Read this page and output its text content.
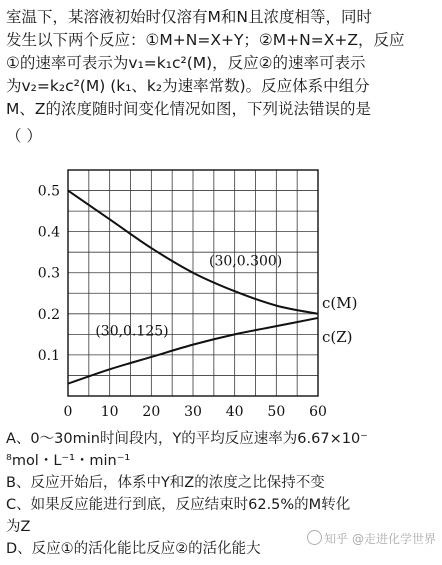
室温下，某溶液初始时仅溶有M和N且浓度相等，同时
发生以下两个反应：①M+N=X+Y；②M+N=X+Z，反应
①的速率可表示为v₁=k₁c²(M)，反应②的速率可表示
为v₂=k₂c²(M) (k₁、k₂为速率常数)。反应体系中组分
M、Z的浓度随时间变化情况如图，下列说法错误的是
（ ）
0 10 20 30 40 50 60
0.1
0.2
0.3
0.4
0.5
c(M)
c(Z)
(30,0.300)
(30,0.125)
A、0～30min时间段内，Y的平均反应速率为6.67×10⁻
⁸mol・L⁻¹・min⁻¹
B、反应开始后，体系中Y和Z的浓度之比保持不变
C、如果反应能进行到底，反应结束时62.5%的M转化
为Z
D、反应①的活化能比反应②的活化能大
知乎 @走进化学世界
